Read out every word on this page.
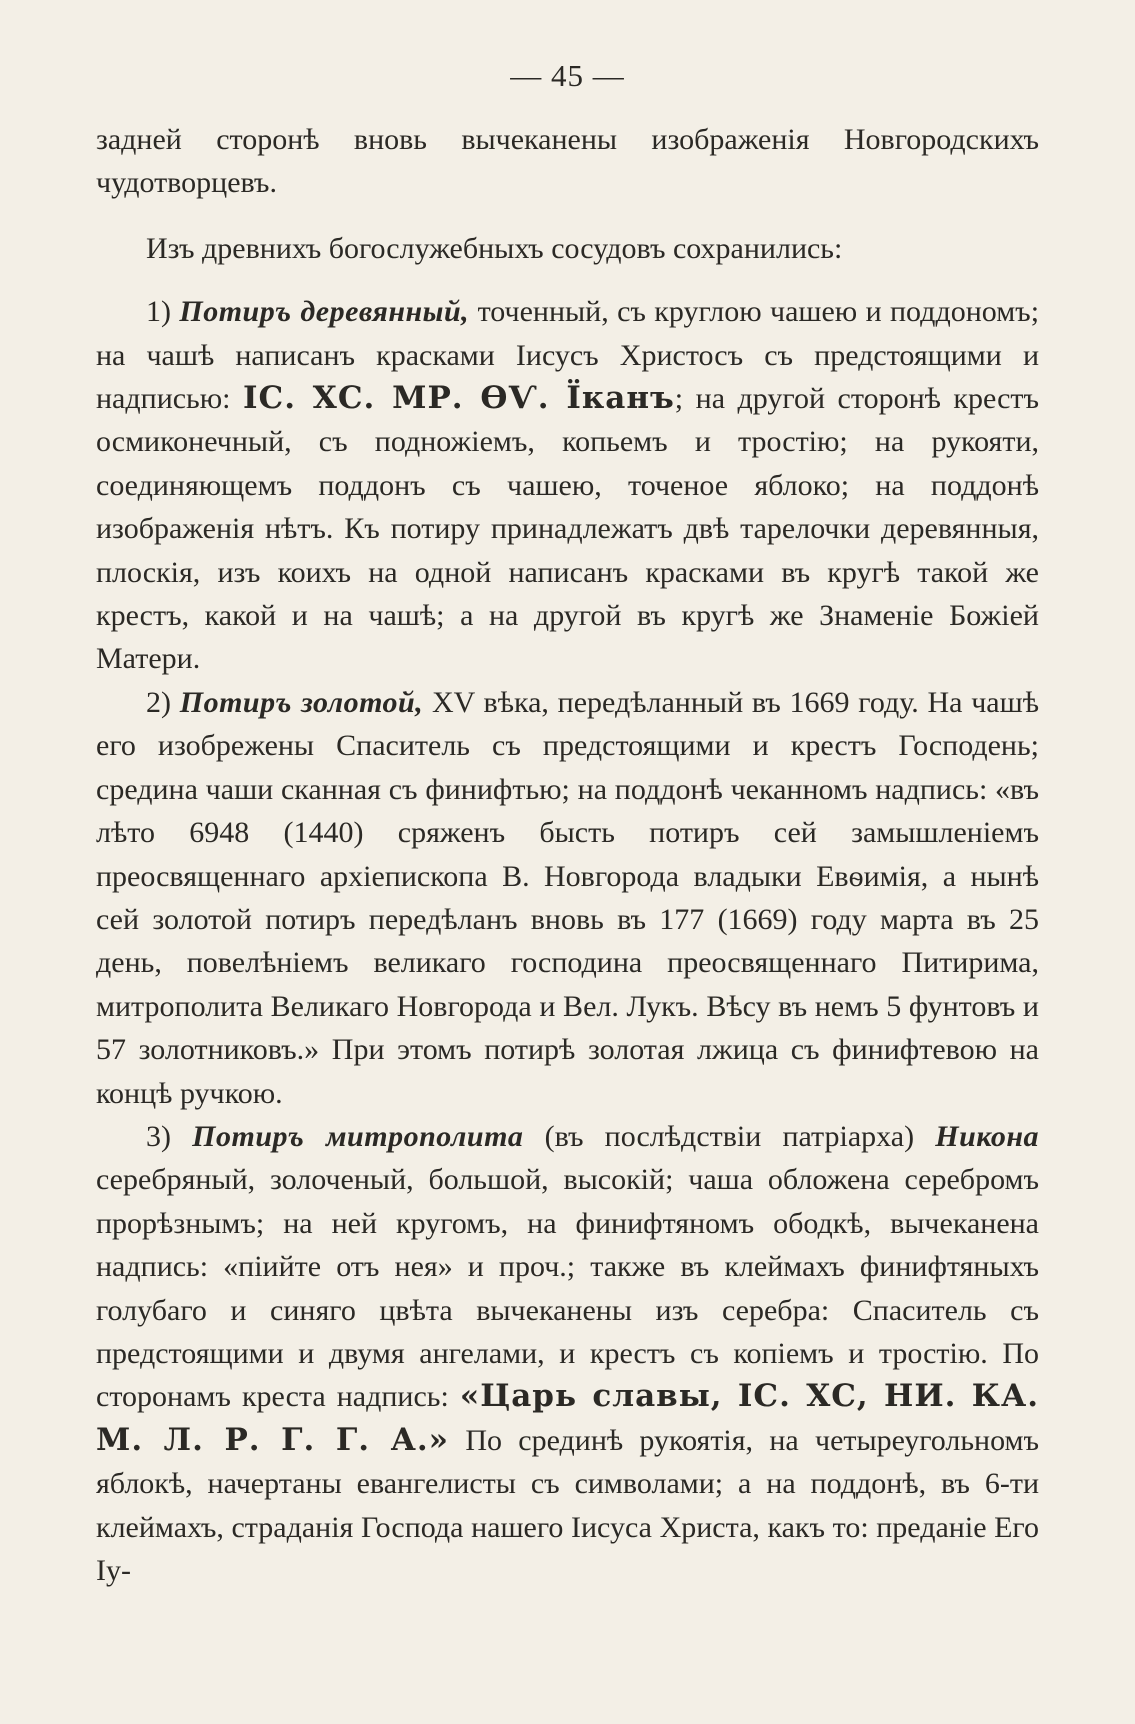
— 45 —

задней сторонѣ вновь вычеканены изображенія Новгородскихъ чудотворцевъ.

Изъ древнихъ богослужебныхъ сосудовъ сохранились:

1) Потиръ деревянный, точенный, съ круглою чашею и поддономъ; на чашѣ написанъ красками Іисусъ Христосъ съ предстоящими и надписью: ІС. ХС. МР. ѲѴ. Їканъ; на другой сторонѣ крестъ осмиконечный, съ подножіемъ, копьемъ и тростію; на рукояти, соединяющемъ поддонъ съ чашею, точеное яблоко; на поддонѣ изображенія нѣтъ. Къ потиру принадлежатъ двѣ тарелочки деревянныя, плоскія, изъ коихъ на одной написанъ красками въ кругѣ такой же крестъ, какой и на чашѣ; а на другой въ кругѣ же Знаменіе Божіей Матери.

2) Потиръ золотой, XV вѣка, передѣланный въ 1669 году. На чашѣ его изобрежены Спаситель съ предстоящими и крестъ Господень; средина чаши сканная съ финифтью; на поддонѣ чеканномъ надпись: «въ лѣто 6948 (1440) сряженъ бысть потиръ сей замышленіемъ преосвященнаго архіепископа В. Новгорода владыки Евѳимія, а нынѣ сей золотой потиръ передѣланъ вновь въ 177 (1669) году марта въ 25 день, повелѣніемъ великаго господина преосвященнаго Питирима, митрополита Великаго Новгорода и Вел. Лукъ. Вѣсу въ немъ 5 фунтовъ и 57 золотниковъ.» При этомъ потирѣ золотая лжица съ финифтевою на концѣ ручкою.

3) Потиръ митрополита (въ послѣдствіи патріарха) Никона серебряный, золоченый, большой, высокій; чаша обложена серебромъ прорѣзнымъ; на ней кругомъ, на финифтяномъ ободкѣ, вычеканена надпись: «піийте отъ нея» и проч.; также въ клеймахъ финифтяныхъ голубаго и синяго цвѣта вычеканены изъ серебра: Спаситель съ предстоящими и двумя ангелами, и крестъ съ копіемъ и тростію. По сторонамъ креста надпись: «Царь славы, ІС. ХС, НИ. КА. М. Л. Р. Г. Г. А.» По срединѣ рукоятія, на четыреугольномъ яблокѣ, начертаны евангелисты съ символами; а на поддонѣ, въ 6-ти клеймахъ, страданія Господа нашего Іисуса Христа, какъ то: преданіе Его Іу-
